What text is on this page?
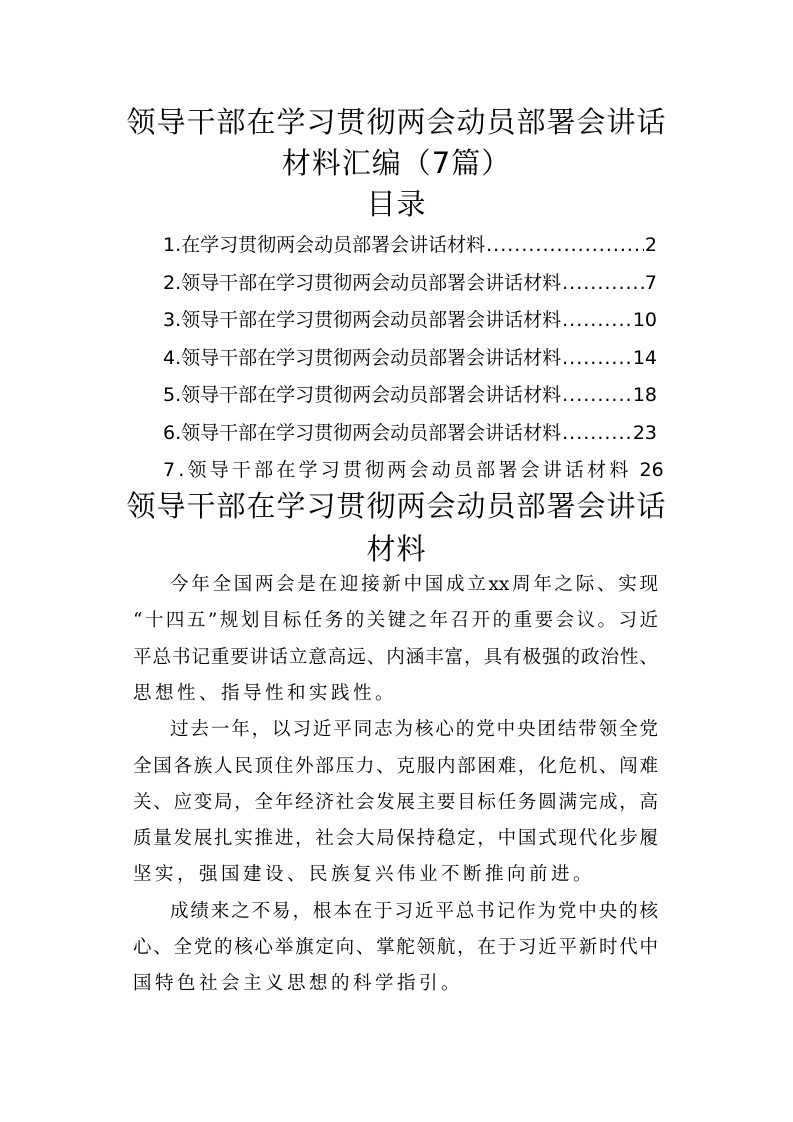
领导干部在学习贯彻两会动员部署会讲话
材料汇编（7篇）
目录
1.在学习贯彻两会动员部署会讲话材料 .....	2
2.领导干部在学习贯彻两会动员部署会讲话材料 .....	7
3.领导干部在学习贯彻两会动员部署会讲话材料 .....	10
4.领导干部在学习贯彻两会动员部署会讲话材料 .....	14
5.领导干部在学习贯彻两会动员部署会讲话材料 .....	18
6.领导干部在学习贯彻两会动员部署会讲话材料 .....	23
7.领导干部在学习贯彻两会动员部署会讲话材料 26
领导干部在学习贯彻两会动员部署会讲话
材料
今年全国两会是在迎接新中国成立xx周年之际、实现
“十四五”规划目标任务的关键之年召开的重要会议。习近
平总书记重要讲话立意高远、内涵丰富，具有极强的政治性、
思想性、指导性和实践性。
过去一年，以习近平同志为核心的党中央团结带领全党
全国各族人民顶住外部压力、克服内部困难，化危机、闯难
关、应变局，全年经济社会发展主要目标任务圆满完成，高
质量发展扎实推进，社会大局保持稳定，中国式现代化步履
坚实，强国建设、民族复兴伟业不断推向前进。
成绩来之不易，根本在于习近平总书记作为党中央的核
心、全党的核心举旗定向、掌舵领航，在于习近平新时代中
国特色社会主义思想的科学指引。
